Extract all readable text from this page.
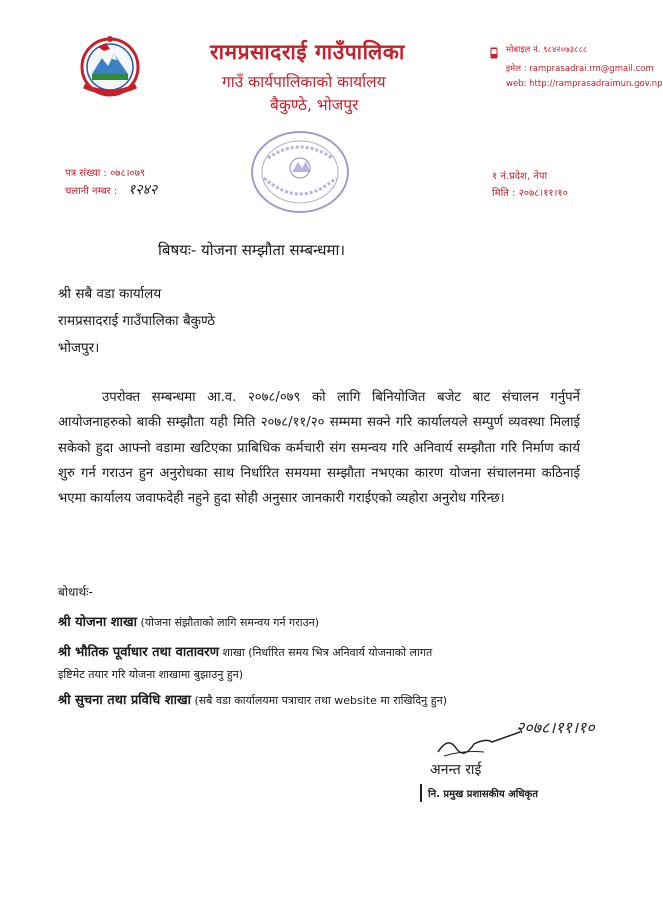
रामप्रसादराई गाउँपालिका
गाउँ कार्यपालिकाको कार्यालय
बैकुण्ठे, भोजपुर
मोबाइल नं. ९८४२०७३८८८
इमेल : ramprasadrai.rm@gmail.com
web: http://ramprasadraimun.gov.np
पत्र संख्या : ०७८।०७९
चलानी नम्बर : १२४२
१ नं.प्रदेश, नेपा
मिति : २०७८।११।१०
बिषयः- योजना सम्झौता सम्बन्धमा।
श्री सबै वडा कार्यालय
रामप्रसादराई गाउँपालिका बैकुण्ठे
भोजपुर।
उपरोक्त सम्बन्धमा आ.व. २०७८/०७९ को लागि बिनियोजित बजेट बाट संचालन गर्नुपर्ने आयोजनाहरुको बाकी सम्झौता यही मिति २०७८/११/२० सम्ममा सक्ने गरि कार्यालयले सम्पुर्ण व्यवस्था मिलाई सकेको हुदा आफ्नो वडामा खटिएका प्राबिधिक कर्मचारी संग समन्वय गरि अनिवार्य सम्झौता गरि निर्माण कार्य शुरु गर्न गराउन हुन अनुरोधका साथ निर्धारित समयमा सम्झौता नभएका कारण योजना संचालनमा कठिनाई भएमा कार्यालय जवाफदेही नहुने हुदा सोही अनुसार जानकारी गराईएको व्यहोरा अनुरोध गरिन्छ।
बोधार्थः-
श्री योजना शाखा (योजना संझौताको लागि समन्वय गर्न गराउन)
श्री भौतिक पूर्वाधार तथा वातावरण शाखा (निर्धारित समय भित्र अनिवार्य योजनाको लागत
इष्टिमेट तयार गरि योजना शाखामा बुझाउनु हुन)
श्री सुचना तथा प्रविधि शाखा (सबै वडा कार्यालयमा पत्राचार तथा website मा राखिदिनु हुन)
२०७८।११।१०
अनन्त राई
नि. प्रमुख प्रशासकीय अधिकृत
